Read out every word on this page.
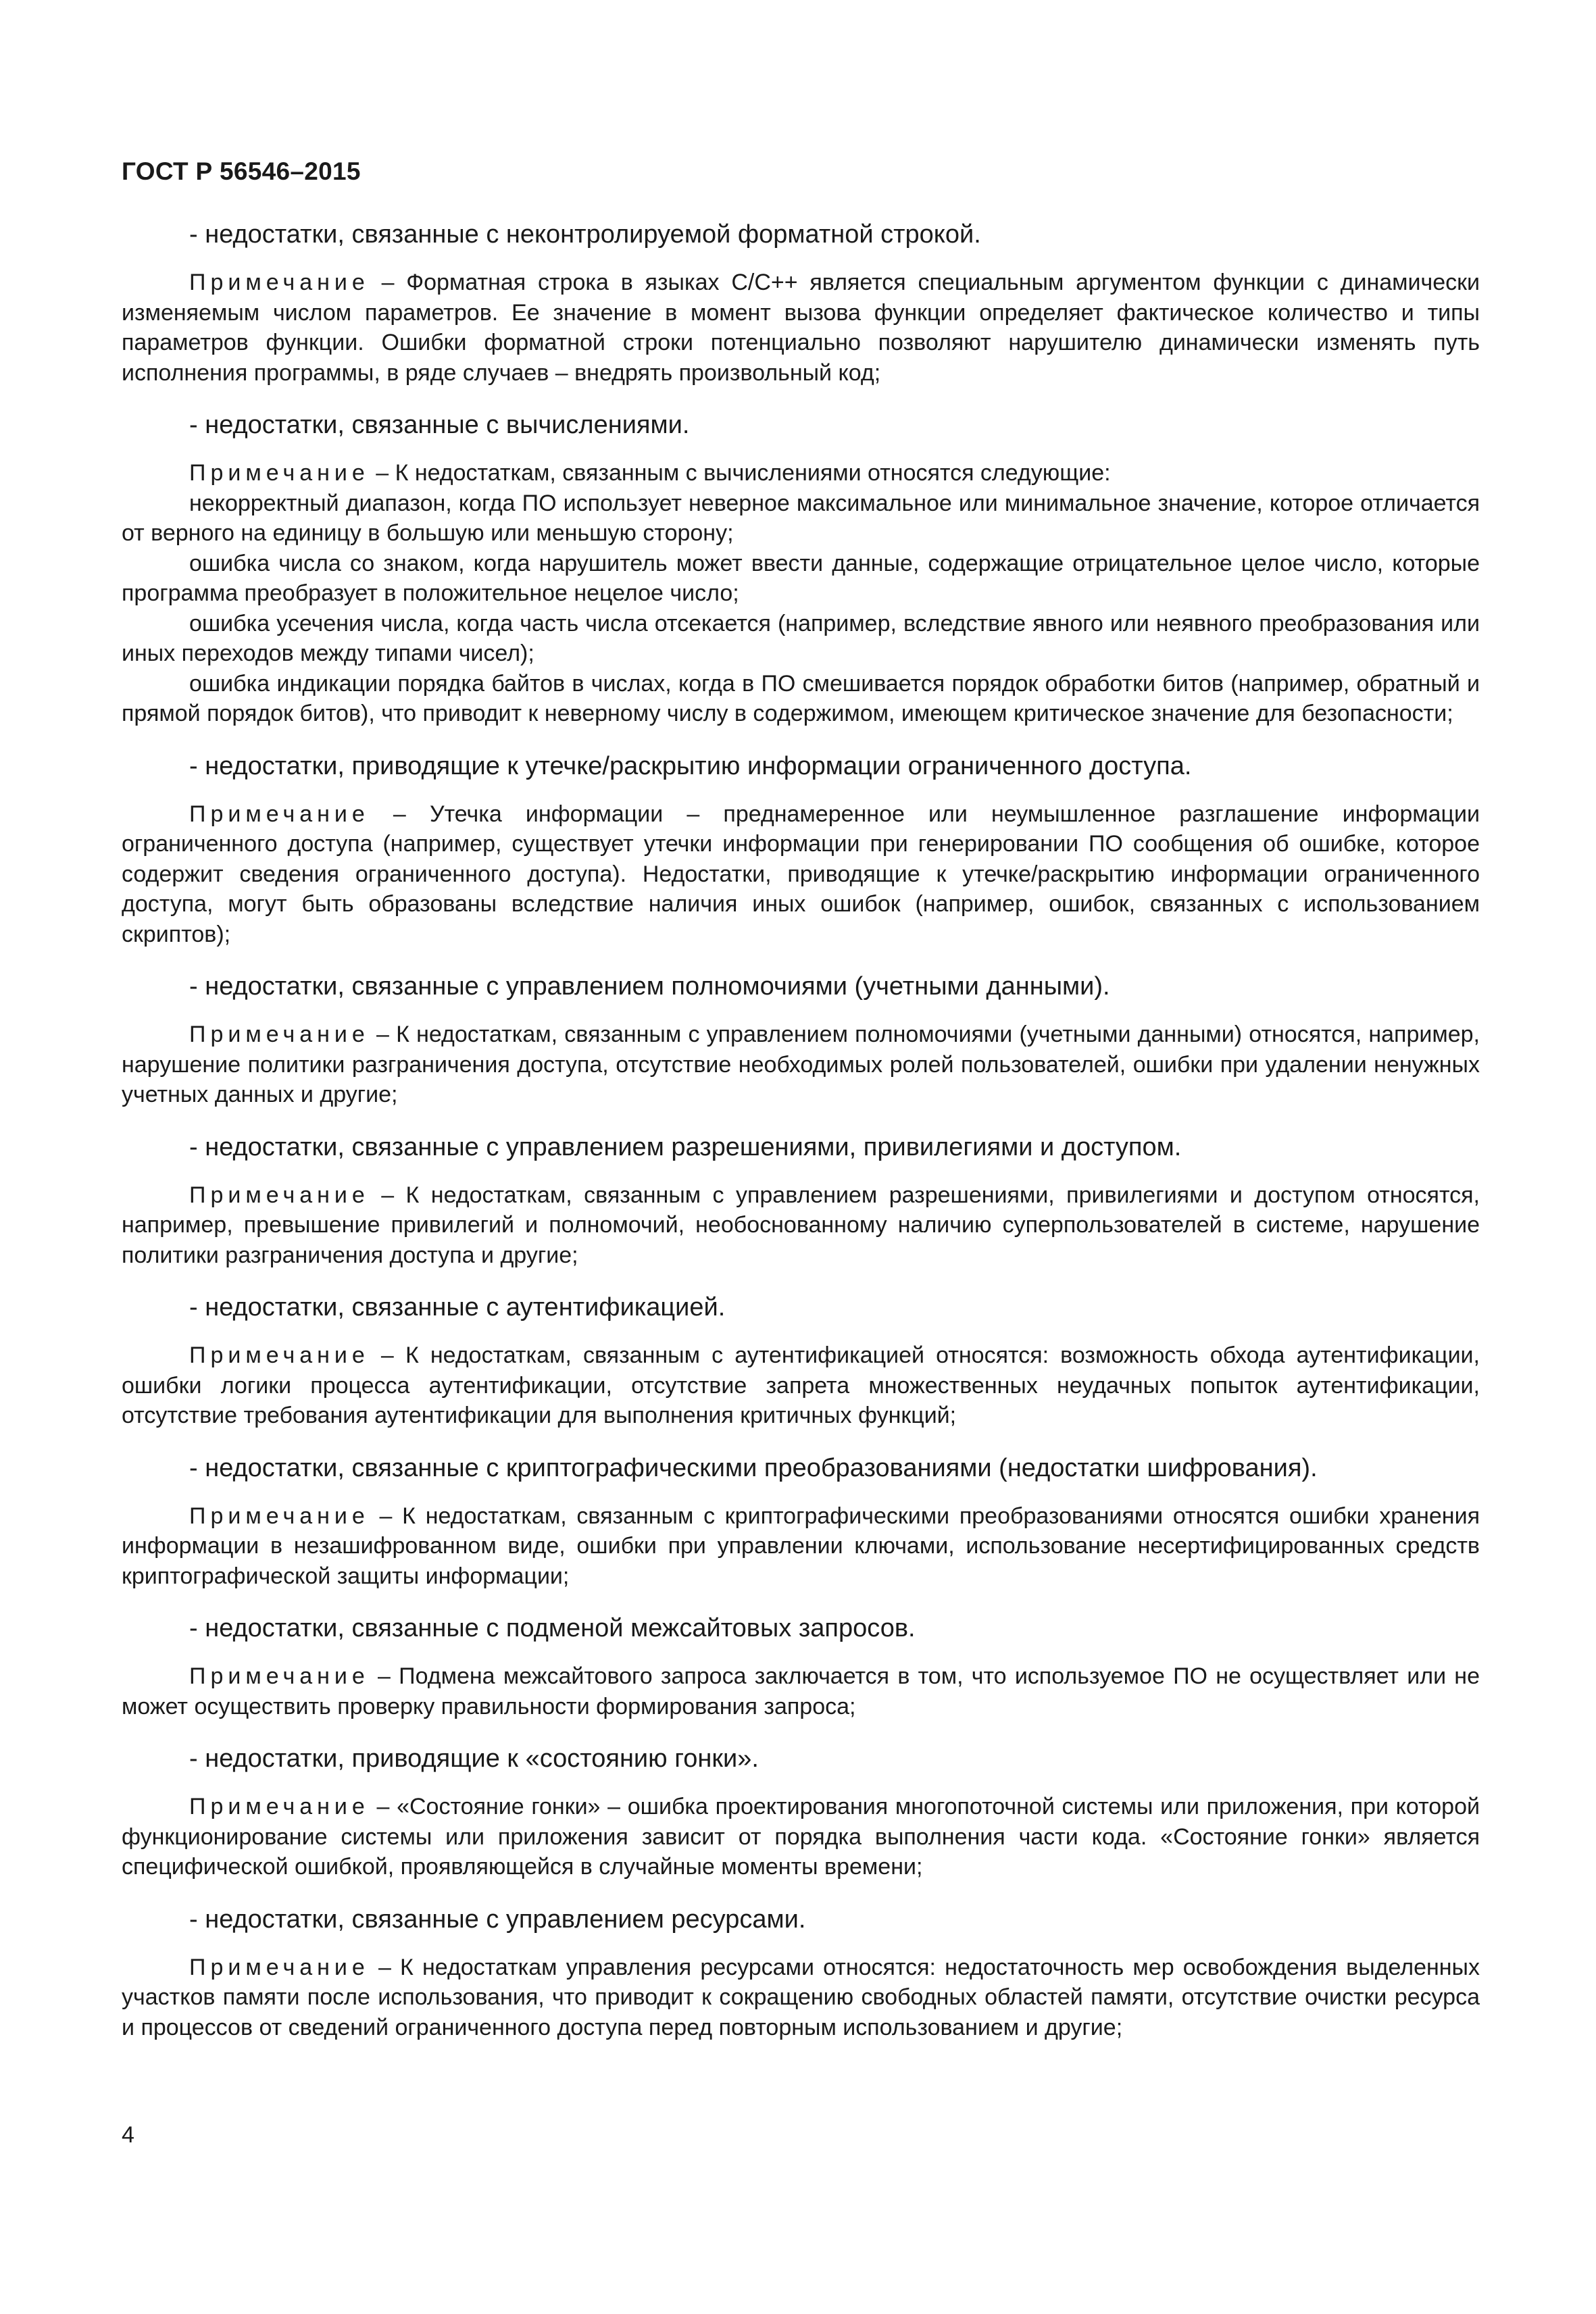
ГОСТ Р 56546–2015

- недостатки, связанные с неконтролируемой форматной строкой.

Примечание – Форматная строка в языках C/C++ является специальным аргументом функции с динамически изменяемым числом параметров. Ее значение в момент вызова функции определяет фактическое количество и типы параметров функции. Ошибки форматной строки потенциально позволяют нарушителю динамически изменять путь исполнения программы, в ряде случаев – внедрять произвольный код;

- недостатки, связанные с вычислениями.

Примечание – К недостаткам, связанным с вычислениями относятся следующие:

некорректный диапазон, когда ПО использует неверное максимальное или минимальное значение, которое отличается от верного на единицу в большую или меньшую сторону;

ошибка числа со знаком, когда нарушитель может ввести данные, содержащие отрицательное целое число, которые программа преобразует в положительное нецелое число;

ошибка усечения числа, когда часть числа отсекается (например, вследствие явного или неявного преобразования или иных переходов между типами чисел);

ошибка индикации порядка байтов в числах, когда в ПО смешивается порядок обработки битов (например, обратный и прямой порядок битов), что приводит к неверному числу в содержимом, имеющем критическое значение для безопасности;

- недостатки, приводящие к утечке/раскрытию информации ограниченного доступа.

Примечание – Утечка информации – преднамеренное или неумышленное разглашение информации ограниченного доступа (например, существует утечки информации при генерировании ПО сообщения об ошибке, которое содержит сведения ограниченного доступа). Недостатки, приводящие к утечке/раскрытию информации ограниченного доступа, могут быть образованы вследствие наличия иных ошибок (например, ошибок, связанных с использованием скриптов);

- недостатки, связанные с управлением полномочиями (учетными данными).

Примечание – К недостаткам, связанным с управлением полномочиями (учетными данными) относятся, например, нарушение политики разграничения доступа, отсутствие необходимых ролей пользователей, ошибки при удалении ненужных учетных данных и другие;

- недостатки, связанные с управлением разрешениями, привилегиями и доступом.

Примечание – К недостаткам, связанным с управлением разрешениями, привилегиями и доступом относятся, например, превышение привилегий и полномочий, необоснованному наличию суперпользователей в системе, нарушение политики разграничения доступа и другие;

- недостатки, связанные с аутентификацией.

Примечание – К недостаткам, связанным с аутентификацией относятся: возможность обхода аутентификации, ошибки логики процесса аутентификации, отсутствие запрета множественных неудачных попыток аутентификации, отсутствие требования аутентификации для выполнения критичных функций;

- недостатки, связанные с криптографическими преобразованиями (недостатки шифрования).

Примечание – К недостаткам, связанным с криптографическими преобразованиями относятся ошибки хранения информации в незашифрованном виде, ошибки при управлении ключами, использование несертифицированных средств криптографической защиты информации;

- недостатки, связанные с подменой межсайтовых запросов.

Примечание – Подмена межсайтового запроса заключается в том, что используемое ПО не осуществляет или не может осуществить проверку правильности формирования запроса;

- недостатки, приводящие к «состоянию гонки».

Примечание – «Состояние гонки» – ошибка проектирования многопоточной системы или приложения, при которой функционирование системы или приложения зависит от порядка выполнения части кода. «Состояние гонки» является специфической ошибкой, проявляющейся в случайные моменты времени;

- недостатки, связанные с управлением ресурсами.

Примечание – К недостаткам управления ресурсами относятся: недостаточность мер освобождения выделенных участков памяти после использования, что приводит к сокращению свободных областей памяти, отсутствие очистки ресурса и процессов от сведений ограниченного доступа перед повторным использованием и другие;

4
